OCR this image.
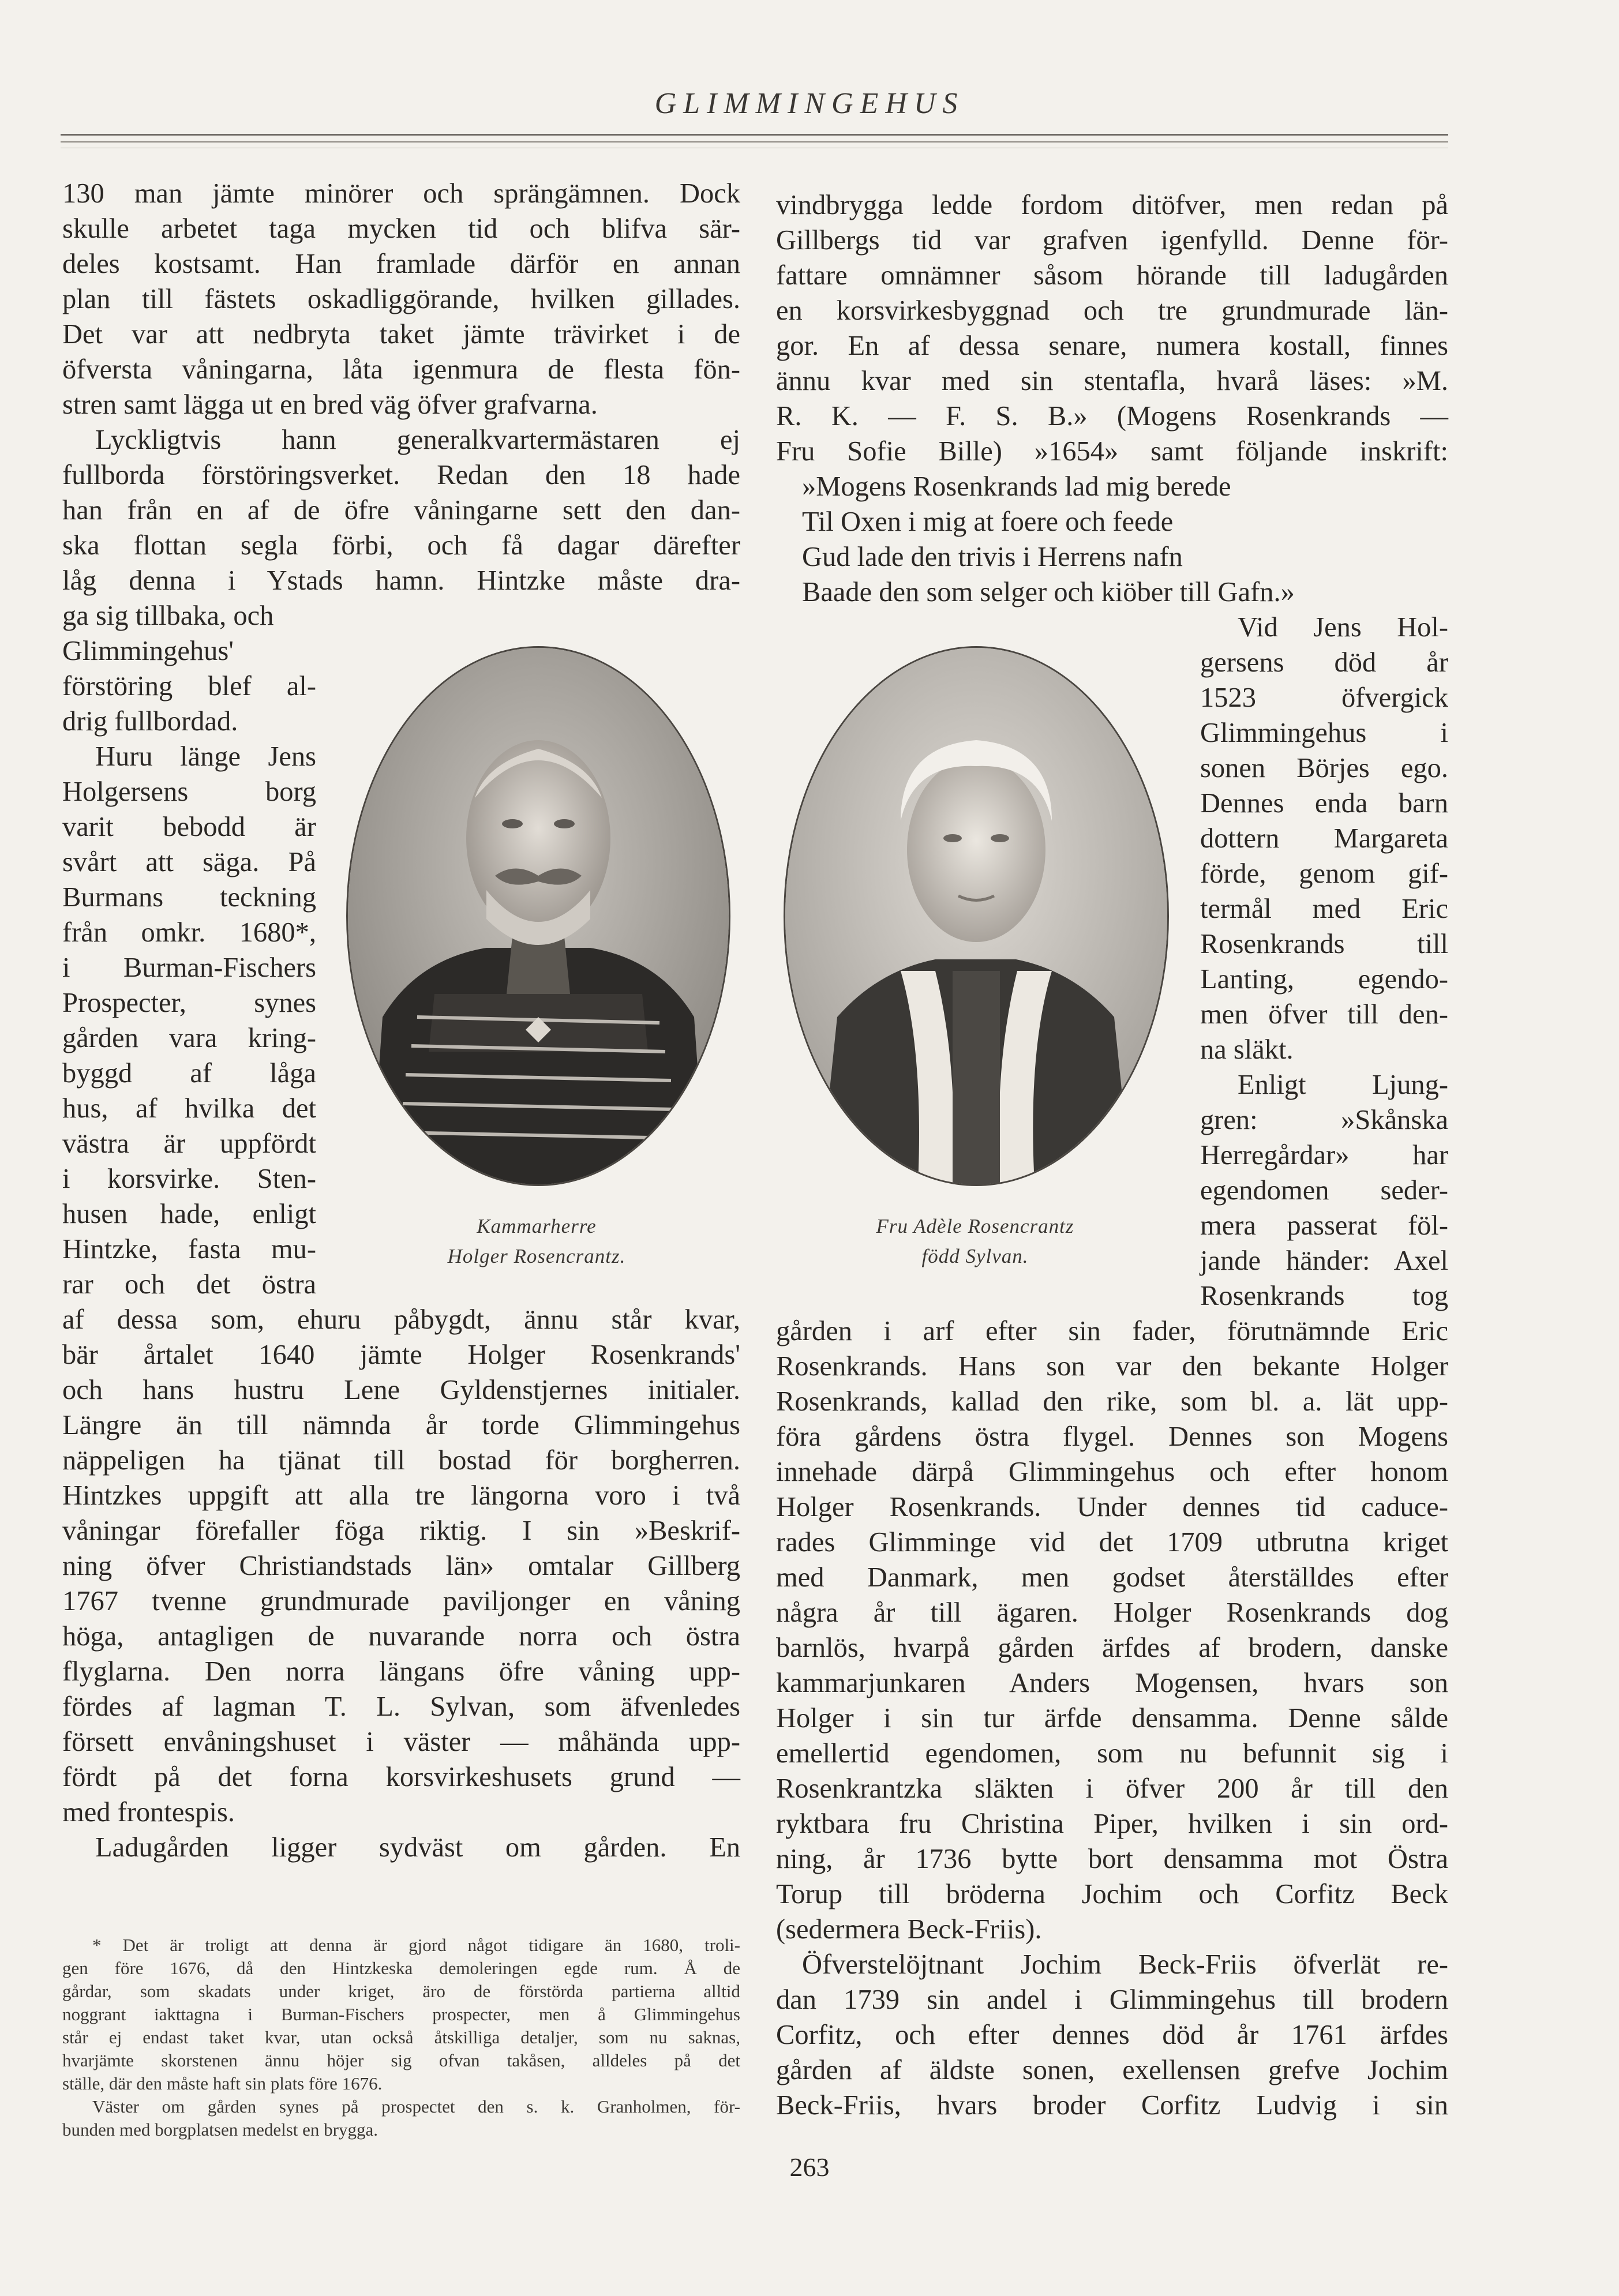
GLIMMINGEHUS
130 man jämte minörer och sprängämnen. Dock
skulle arbetet taga mycken tid och blifva sär-
deles kostsamt. Han framlade därför en annan
plan till fästets oskadliggörande, hvilken gillades.
Det var att nedbryta taket jämte trävirket i de
öfversta våningarna, låta igenmura de flesta fön-
stren samt lägga ut en bred väg öfver grafvarna.
Lyckligtvis hann generalkvartermästaren ej
fullborda förstöringsverket. Redan den 18 hade
han från en af de öfre våningarne sett den dan-
ska flottan segla förbi, och få dagar därefter
låg denna i Ystads hamn. Hintzke måste dra-
ga sig tillbaka, och
Glimmingehus'
förstöring blef al-
drig fullbordad.
Huru länge Jens
Holgersens borg
varit bebodd är
svårt att säga. På
Burmans teckning
från omkr. 1680*,
i Burman-Fischers
Prospecter, synes
gården vara kring-
byggd af låga
hus, af hvilka det
västra är uppfördt
i korsvirke. Sten-
husen hade, enligt
Hintzke, fasta mu-
rar och det östra
af dessa som, ehuru påbygdt, ännu står kvar,
bär årtalet 1640 jämte Holger Rosenkrands'
och hans hustru Lene Gyldenstjernes initialer.
Längre än till nämnda år torde Glimmingehus
näppeligen ha tjänat till bostad för borgherren.
Hintzkes uppgift att alla tre längorna voro i två
våningar förefaller föga riktig. I sin »Beskrif-
ning öfver Christiandstads län» omtalar Gillberg
1767 tvenne grundmurade paviljonger en våning
höga, antagligen de nuvarande norra och östra
flyglarna. Den norra längans öfre våning upp-
fördes af lagman T. L. Sylvan, som äfvenledes
försett envåningshuset i väster — måhända upp-
fördt på det forna korsvirkeshusets grund —
med frontespis.
Ladugården ligger sydväst om gården. En
vindbrygga ledde fordom ditöfver, men redan på
Gillbergs tid var grafven igenfylld. Denne för-
fattare omnämner såsom hörande till ladugården
en korsvirkesbyggnad och tre grundmurade län-
gor. En af dessa senare, numera kostall, finnes
ännu kvar med sin stentafla, hvarå läses: »M.
R. K. — F. S. B.» (Mogens Rosenkrands —
Fru Sofie Bille) »1654» samt följande inskrift:
»Mogens Rosenkrands lad mig berede
Til Oxen i mig at foere och feede
Gud lade den trivis i Herrens nafn
Baade den som selger och kiöber till Gafn.»
Vid Jens Hol-
gersens död år
1523 öfvergick
Glimmingehus i
sonen Börjes ego.
Dennes enda barn
dottern Margareta
förde, genom gif-
termål med Eric
Rosenkrands till
Lanting, egendo-
men öfver till den-
na släkt.
Enligt Ljung-
gren: »Skånska
Herregårdar» har
egendomen seder-
mera passerat föl-
jande händer: Axel
Rosenkrands tog
gården i arf efter sin fader, förutnämnde Eric
Rosenkrands. Hans son var den bekante Holger
Rosenkrands, kallad den rike, som bl. a. lät upp-
föra gårdens östra flygel. Dennes son Mogens
innehade därpå Glimmingehus och efter honom
Holger Rosenkrands. Under dennes tid caduce-
rades Glimminge vid det 1709 utbrutna kriget
med Danmark, men godset återställdes efter
några år till ägaren. Holger Rosenkrands dog
barnlös, hvarpå gården ärfdes af brodern, danske
kammarjunkaren Anders Mogensen, hvars son
Holger i sin tur ärfde densamma. Denne sålde
emellertid egendomen, som nu befunnit sig i
Rosenkrantzka släkten i öfver 200 år till den
ryktbara fru Christina Piper, hvilken i sin ord-
ning, år 1736 bytte bort densamma mot Östra
Torup till bröderna Jochim och Corfitz Beck
(sedermera Beck-Friis).
Öfverstelöjtnant Jochim Beck-Friis öfverlät re-
dan 1739 sin andel i Glimmingehus till brodern
Corfitz, och efter dennes död år 1761 ärfdes
gården af äldste sonen, exellensen grefve Jochim
Beck-Friis, hvars broder Corfitz Ludvig i sin
Kammarherre
Holger Rosencrantz.
Fru Adèle Rosencrantz
född Sylvan.
* Det är troligt att denna är gjord något tidigare än 1680, troli-
gen före 1676, då den Hintzkeska demoleringen egde rum. Å de
gårdar, som skadats under kriget, äro de förstörda partierna alltid
noggrant iakttagna i Burman-Fischers prospecter, men å Glimmingehus
står ej endast taket kvar, utan också åtskilliga detaljer, som nu saknas,
hvarjämte skorstenen ännu höjer sig ofvan takåsen, alldeles på det
ställe, där den måste haft sin plats före 1676.
Väster om gården synes på prospectet den s. k. Granholmen, för-
bunden med borgplatsen medelst en brygga.
263
